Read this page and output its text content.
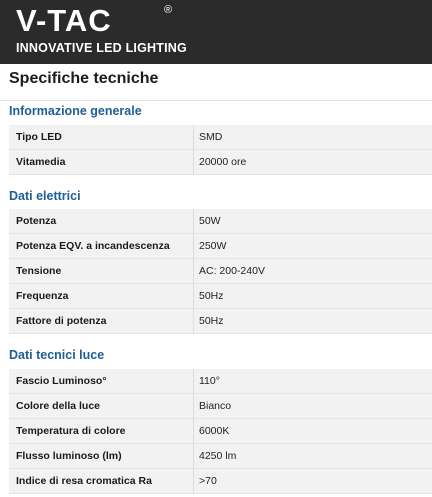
V-TAC	®
INNOVATIVE LED LIGHTING
Specifiche tecniche
Informazione generale
Tipo LED	SMD
Vitamedia	20000 ore
Dati elettrici
Potenza	50W
Potenza EQV. a incandescenza	250W
Tensione	AC: 200-240V
Frequenza	50Hz
Fattore di potenza	50Hz
Dati tecnici luce
Fascio Luminoso°	110°
Colore della luce	Bianco
Temperatura di colore	6000K
Flusso luminoso (lm)	4250 lm
Indice di resa cromatica Ra	>70
